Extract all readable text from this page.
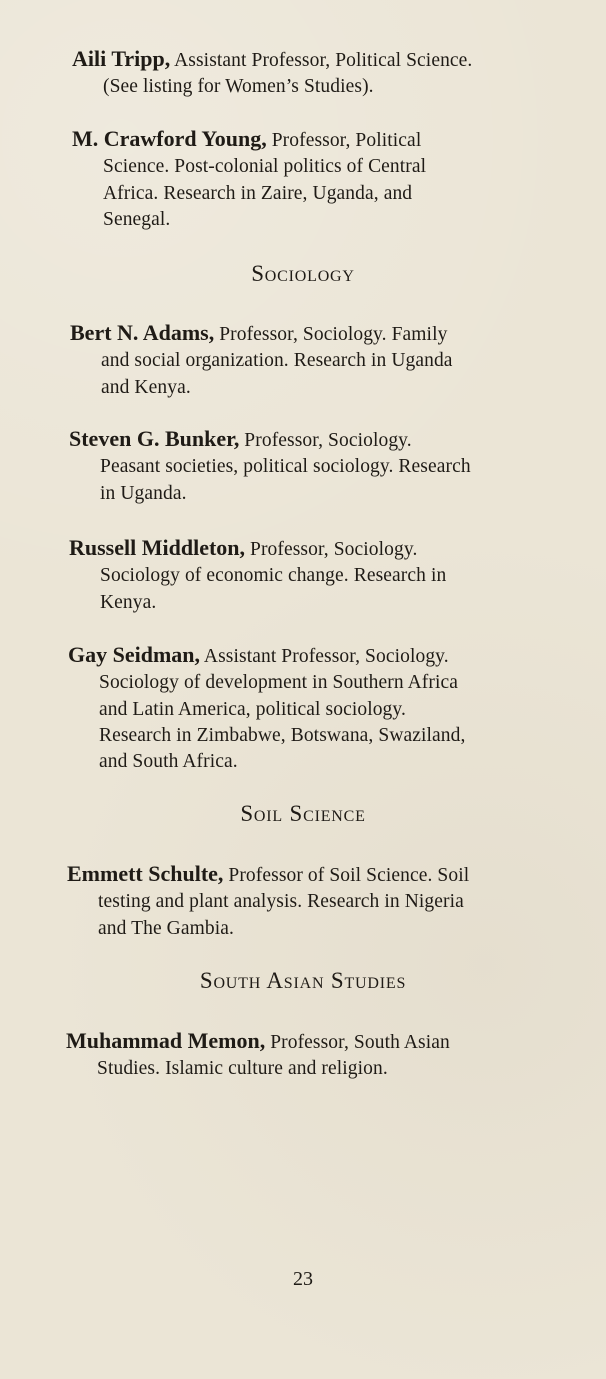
Aili Tripp, Assistant Professor, Political Science.
(See listing for Women’s Studies).
M. Crawford Young, Professor, Political
Science. Post-colonial politics of Central
Africa. Research in Zaire, Uganda, and
Senegal.
Sociology
Bert N. Adams, Professor, Sociology. Family
and social organization. Research in Uganda
and Kenya.
Steven G. Bunker, Professor, Sociology.
Peasant societies, political sociology. Research
in Uganda.
Russell Middleton, Professor, Sociology.
Sociology of economic change. Research in
Kenya.
Gay Seidman, Assistant Professor, Sociology.
Sociology of development in Southern Africa
and Latin America, political sociology.
Research in Zimbabwe, Botswana, Swaziland,
and South Africa.
Soil Science
Emmett Schulte, Professor of Soil Science. Soil
testing and plant analysis. Research in Nigeria
and The Gambia.
South Asian Studies
Muhammad Memon, Professor, South Asian
Studies. Islamic culture and religion.
23
